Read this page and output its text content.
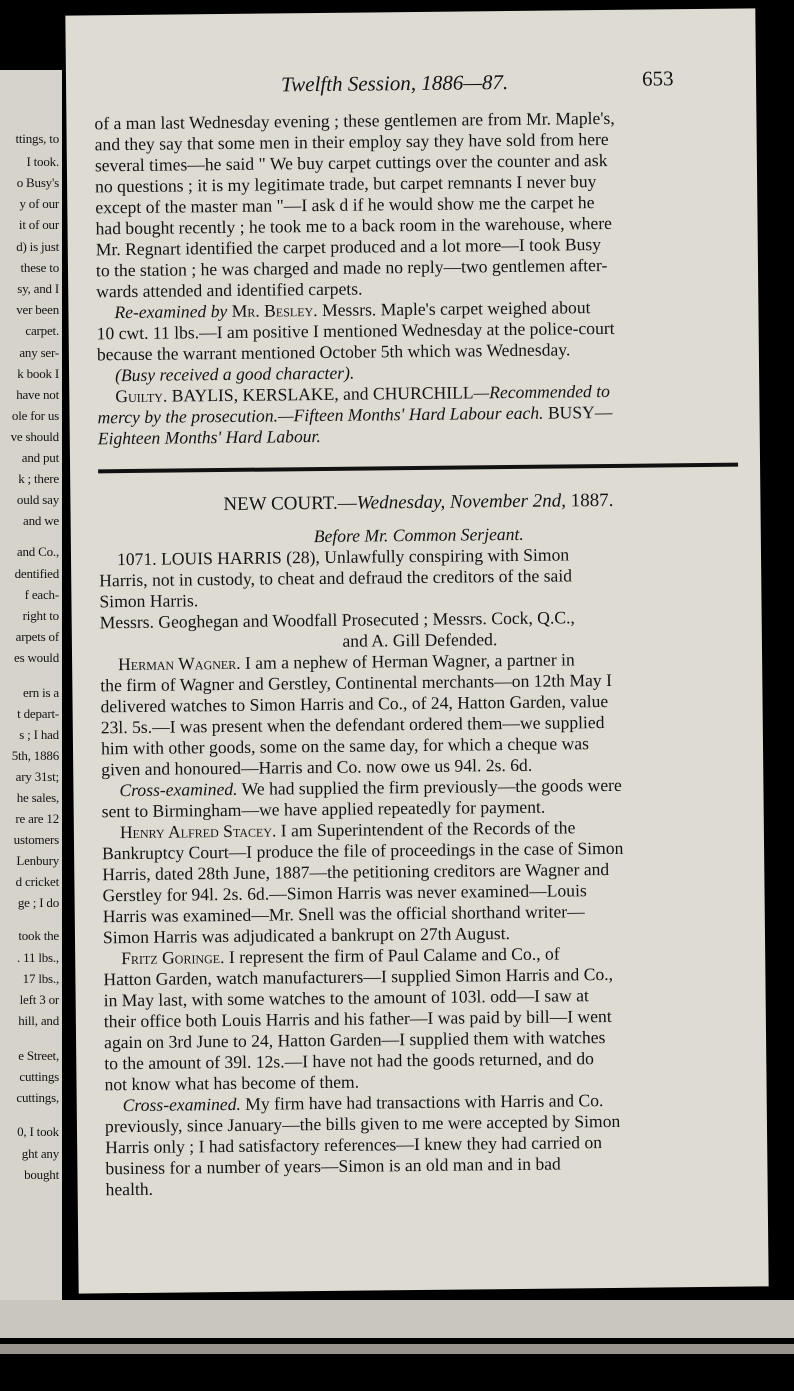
ttings, to
I took.
o Busy's
y of our
it of our
d) is just
these to
sy, and I
ver been
carpet.
any ser-
k book I
have not
ole for us
ve should
and put
k ; there
ould say
and we
and Co.,
dentified
f each-
right to
arpets of
es would
ern is a
t depart-
s ; I had
5th, 1886
ary 31st;
he sales,
re are 12
ustomers
Lenbury
d cricket
ge ; I do
took the
. 11 lbs.,
17 lbs.,
left 3 or
hill, and
e Street,
cuttings
cuttings,
0, I took
ght any
bought
Twelfth Session, 1886—87.	653

of a man last Wednesday evening ; these gentlemen are from Mr. Maple's,

and they say that some men in their employ say they have sold from here

several times—he said " We buy carpet cuttings over the counter and ask

no questions ; it is my legitimate trade, but carpet remnants I never buy

except of the master man "—I ask d if he would show me the carpet he

had bought recently ; he took me to a back room in the warehouse, where

Mr. Regnart identified the carpet produced and a lot more—I took Busy

to the station ; he was charged and made no reply—two gentlemen after-

wards attended and identified carpets.

Re-examined by Mr. Besley. Messrs. Maple's carpet weighed about

10 cwt. 11 lbs.—I am positive I mentioned Wednesday at the police-court

because the warrant mentioned October 5th which was Wednesday.

(Busy received a good character).

Guilty. BAYLIS, KERSLAKE, and CHURCHILL—Recommended to

mercy by the prosecution.—Fifteen Months' Hard Labour each. BUSY—

Eighteen Months' Hard Labour.

NEW COURT.—Wednesday, November 2nd, 1887.

Before Mr. Common Serjeant.

1071. LOUIS HARRIS (28), Unlawfully conspiring with Simon

Harris, not in custody, to cheat and defraud the creditors of the said

Simon Harris.

Messrs. Geoghegan and Woodfall Prosecuted ; Messrs. Cock, Q.C.,

and A. Gill Defended.

Herman Wagner. I am a nephew of Herman Wagner, a partner in

the firm of Wagner and Gerstley, Continental merchants—on 12th May I

delivered watches to Simon Harris and Co., of 24, Hatton Garden, value

23l. 5s.—I was present when the defendant ordered them—we supplied

him with other goods, some on the same day, for which a cheque was

given and honoured—Harris and Co. now owe us 94l. 2s. 6d.

Cross-examined. We had supplied the firm previously—the goods were

sent to Birmingham—we have applied repeatedly for payment.

Henry Alfred Stacey. I am Superintendent of the Records of the

Bankruptcy Court—I produce the file of proceedings in the case of Simon

Harris, dated 28th June, 1887—the petitioning creditors are Wagner and

Gerstley for 94l. 2s. 6d.—Simon Harris was never examined—Louis

Harris was examined—Mr. Snell was the official shorthand writer—

Simon Harris was adjudicated a bankrupt on 27th August.

Fritz Goringe. I represent the firm of Paul Calame and Co., of

Hatton Garden, watch manufacturers—I supplied Simon Harris and Co.,

in May last, with some watches to the amount of 103l. odd—I saw at

their office both Louis Harris and his father—I was paid by bill—I went

again on 3rd June to 24, Hatton Garden—I supplied them with watches

to the amount of 39l. 12s.—I have not had the goods returned, and do

not know what has become of them.

Cross-examined. My firm have had transactions with Harris and Co.

previously, since January—the bills given to me were accepted by Simon

Harris only ; I had satisfactory references—I knew they had carried on

business for a number of years—Simon is an old man and in bad

health.
